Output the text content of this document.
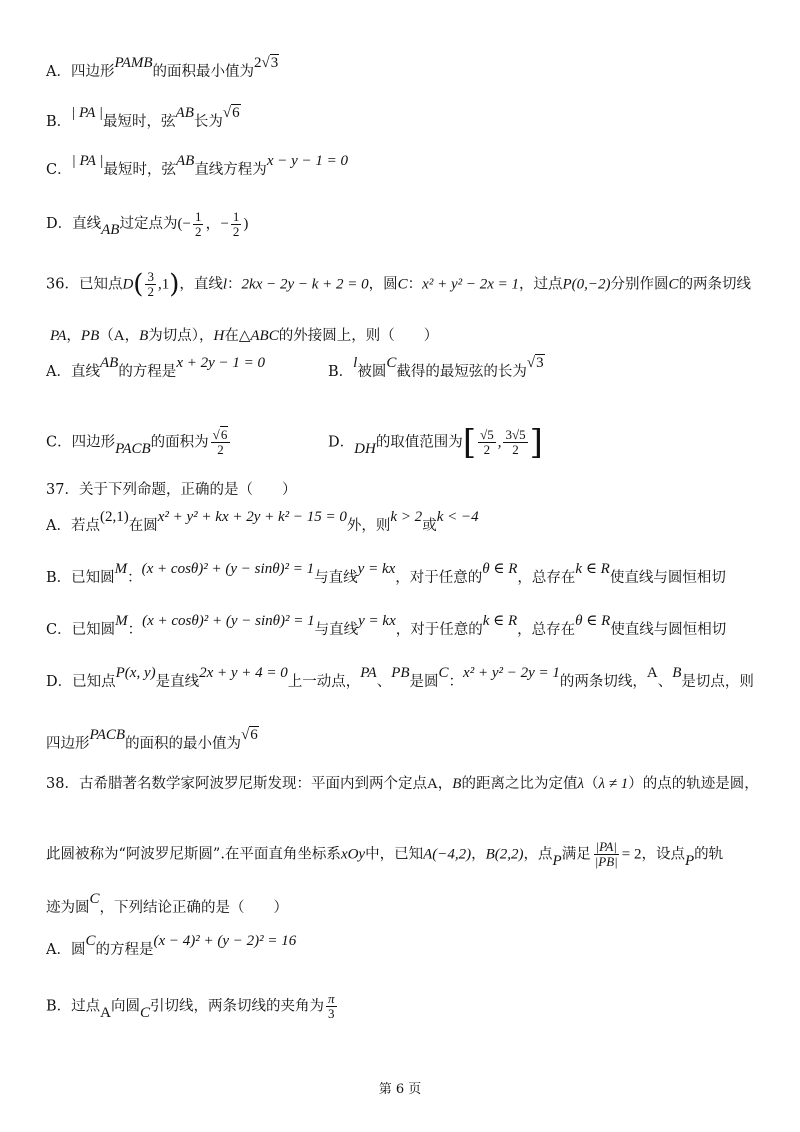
A．四边形PAMB的面积最小值为2√3
B．| PA |最短时，弦AB长为√6
C．| PA |最短时，弦AB直线方程为x − y − 1 = 0
D．直线AB过定点为(− $\frac{1}{2}$ ，− $\frac{1}{2}$ )
36．已知点$D( \frac{3}{2} ,1)$，直线l：2kx − 2y − k + 2 = 0，圆C：x² + y² − 2x = 1，过点P(0,−2)分别作圆C的两条切线
PA，PB（A，B为切点），H在△ABC的外接圆上，则（　　）
A．直线AB的方程是x + 2y − 1 = 0
B．l被圆C截得的最短弦的长为√3
C．四边形PACB的面积为 $\frac{√6}{2}$	D．DH的取值范围为[ $\frac{√5}{2}$ , $\frac{3√5}{2}$ ]
37．关于下列命题，正确的是（　　）
A．若点(2,1)在圆x² + y² + kx + 2y + k² − 15 = 0外，则k > 2或k < −4
B．已知圆M：(x + cosθ)² + (y − sinθ)² = 1与直线y = kx，对于任意的θ ∈ R，总存在k ∈ R使直线与圆恒相切
C．已知圆M：(x + cosθ)² + (y − sinθ)² = 1与直线y = kx，对于任意的k ∈ R，总存在θ ∈ R使直线与圆恒相切
D．已知点P(x, y)是直线2x + y + 4 = 0上一动点，PA、PB是圆C：x² + y² − 2y = 1的两条切线，A、B是切点，则
四边形PACB的面积的最小值为√6
38．古希腊著名数学家阿波罗尼斯发现：平面内到两个定点A，B的距离之比为定值λ（λ ≠ 1）的点的轨迹是圆，
此圆被称为“阿波罗尼斯圆”.在平面直角坐标系xOy中，已知A(−4,2)，B(2,2)，点P满足 $\frac{|PA|}{|PB|} = 2$，设点P的轨
迹为圆C，下列结论正确的是（　　）
A．圆C的方程是(x − 4)² + (y − 2)² = 16
B．过点A向圆C引切线，两条切线的夹角为 $\frac{\pi}{3}$
第 6 页
